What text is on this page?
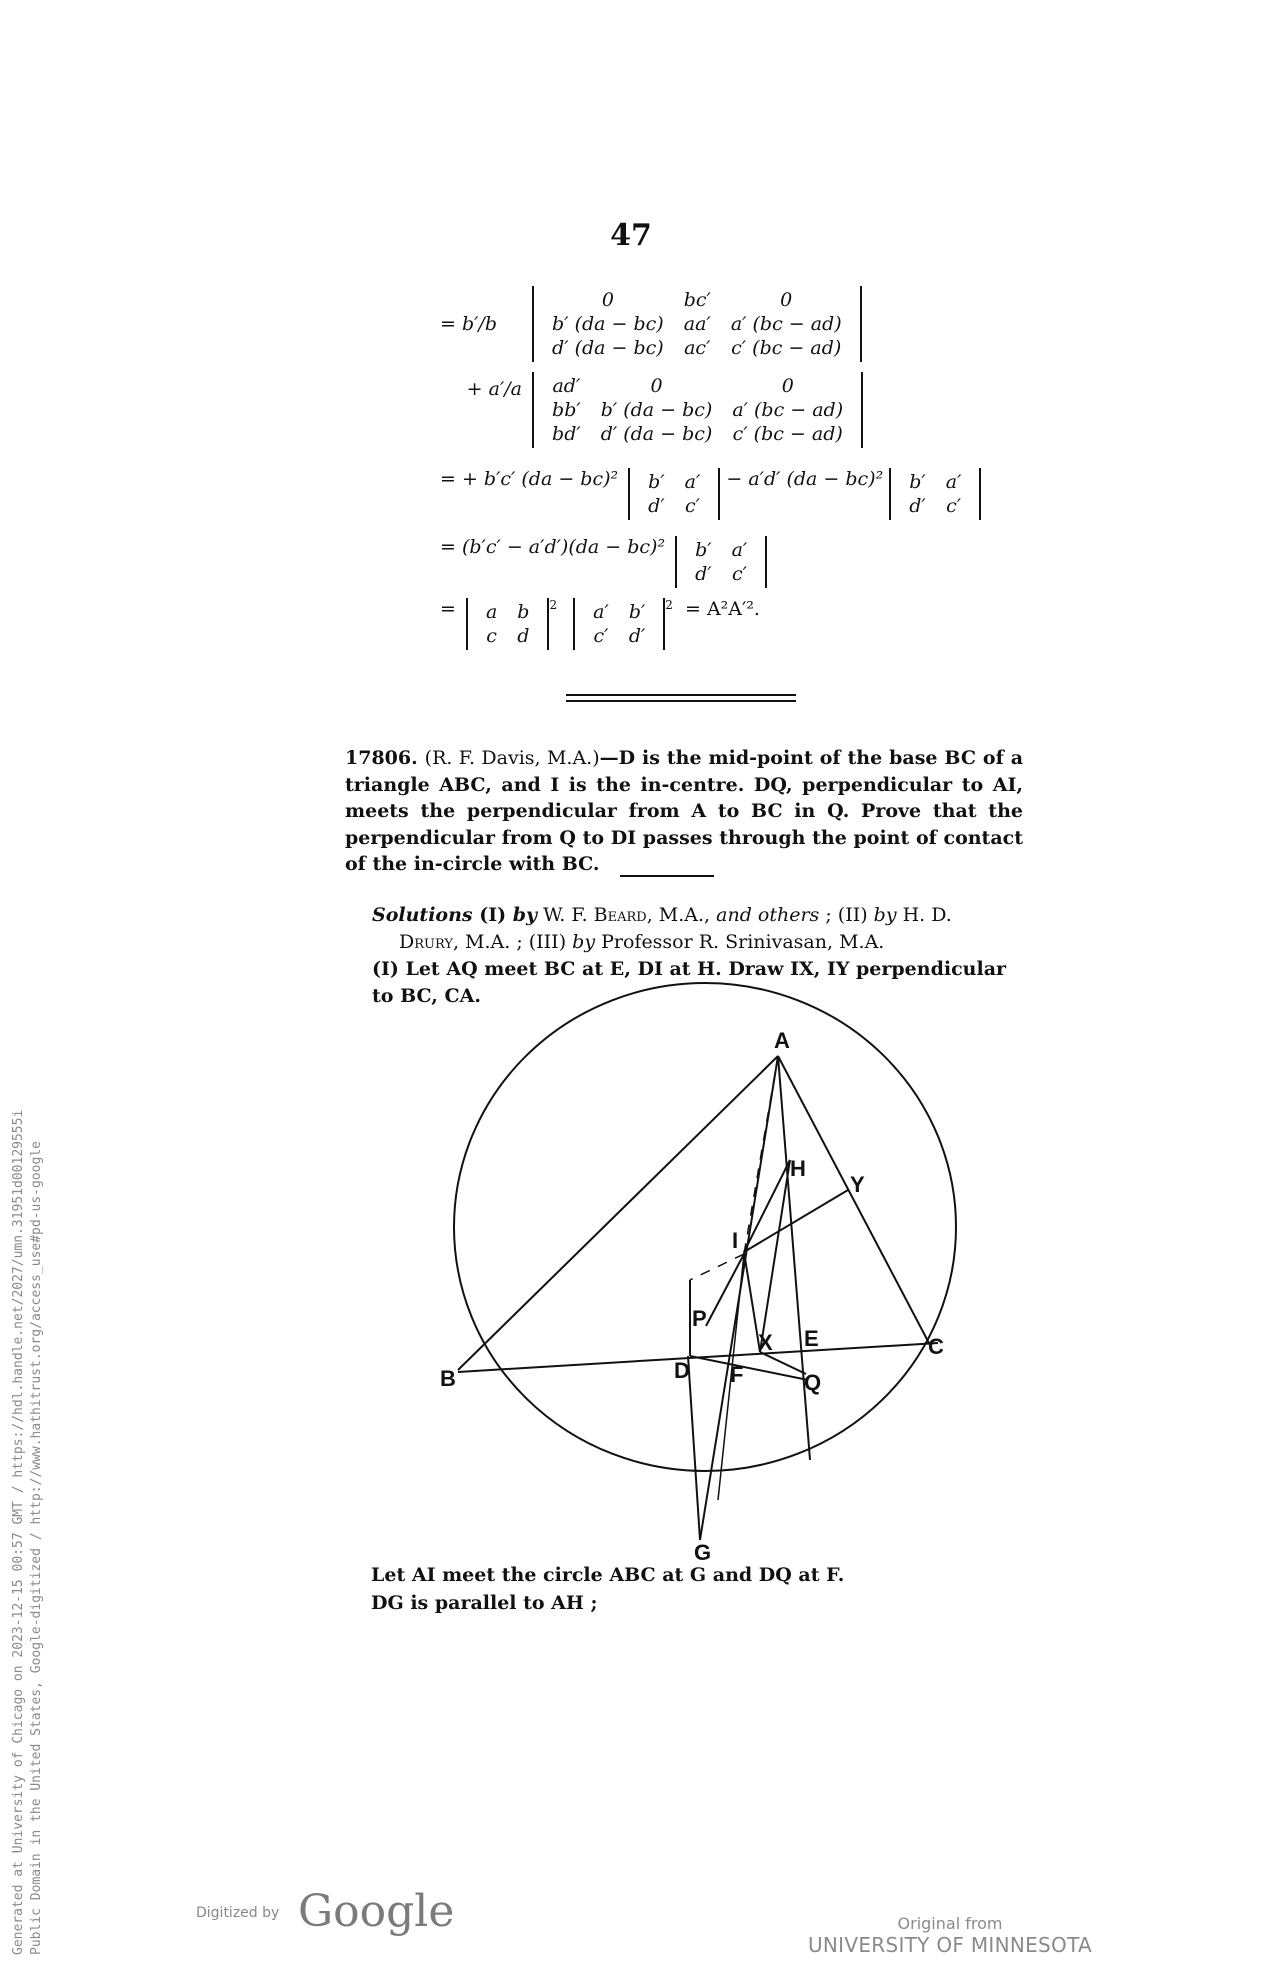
47
= b′/b
0	bc′	0
b′ (da − bc)	aa′	a′ (bc − ad)
d′ (da − bc)	ac′	c′ (bc − ad)
+ a′/a ad′	0	0
bb′	b′ (da − bc)	a′ (bc − ad)
bd′	d′ (da − bc)	c′ (bc − ad)
= + b′c′ (da − bc)² b′	a′
d′	c′
− a′d′ (da − bc)² b′	a′
d′	c′
= (b′c′ − a′d′)(da − bc)² b′	a′
d′	c′
= a	b
c	d
$^2$ a′	b′
c′	d′
$^2$ = A²A′².
17806. (R. F. Davis, M.A.)—D is the mid-point of the base BC of a triangle ABC, and I is the in-centre. DQ, perpendicular to AI, meets the perpendicular from A to BC in Q. Prove that the perpendicular from Q to DI passes through the point of contact of the in-circle with BC.
Solutions (I) by W. F. Beard, M.A., and others ; (II) by H. D.
Drury, M.A. ; (III) by Professor R. Srinivasan, M.A.
(I) Let AQ meet BC at E, DI at H. Draw IX, IY perpendicular to BC, CA.
A
H
Y
I
P
X E	C
B	D F	Q
G
Let AI meet the circle ABC at G and DQ at F.
DG is parallel to AH ;
Generated at University of Chicago on 2023-12-15 00:57 GMT / https://hdl.handle.net/2027/umn.31951d00129555i Public Domain in the United States, Google-digitized / http://www.hathitrust.org/access_use#pd-us-google	Digitized by Google	Original from
UNIVERSITY OF MINNESOTA
